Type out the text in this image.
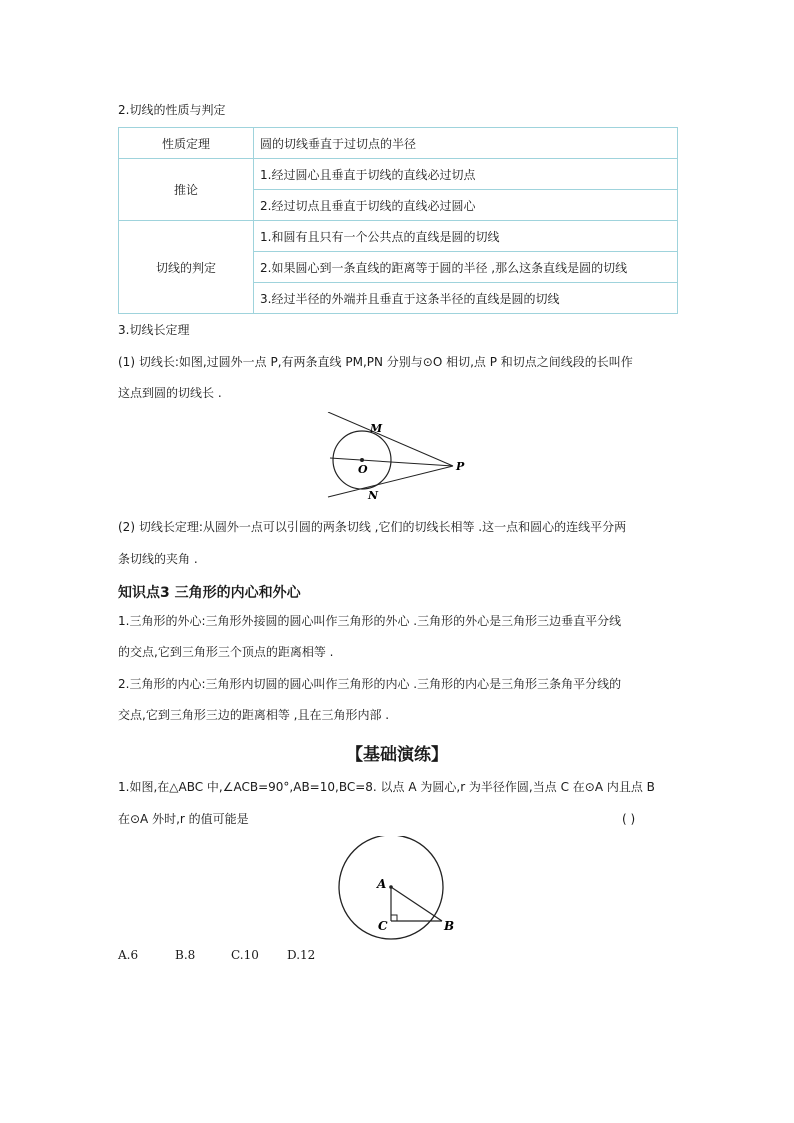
2.切线的性质与判定
性质定理	圆的切线垂直于过切点的半径
推论	1.经过圆心且垂直于切线的直线必过切点
	2.经过切点且垂直于切线的直线必过圆心
切线的判定	1.和圆有且只有一个公共点的直线是圆的切线
	2.如果圆心到一条直线的距离等于圆的半径 ,那么这条直线是圆的切线
	3.经过半径的外端并且垂直于这条半径的直线是圆的切线
3.切线长定理
(1) 切线长:如图,过圆外一点 P,有两条直线 PM,PN 分别与⊙O 相切,点 P 和切点之间线段的长叫作
这点到圆的切线长 .
M
O	P
N
(2) 切线长定理:从圆外一点可以引圆的两条切线 ,它们的切线长相等 .这一点和圆心的连线平分两
条切线的夹角 .
知识点3 三角形的内心和外心
1.三角形的外心:三角形外接圆的圆心叫作三角形的外心 .三角形的外心是三角形三边垂直平分线
的交点,它到三角形三个顶点的距离相等 .
2.三角形的内心:三角形内切圆的圆心叫作三角形的内心 .三角形的内心是三角形三条角平分线的
交点,它到三角形三边的距离相等 ,且在三角形内部 .
【基础演练】
1.如图,在△ABC 中,∠ACB=90°,AB=10,BC=8. 以点 A 为圆心,r 为半径作圆,当点 C 在⊙A 内且点 B
在⊙A 外时,r 的值可能是	( )
A
C	B
A.6	B.8	C.10 D.12
